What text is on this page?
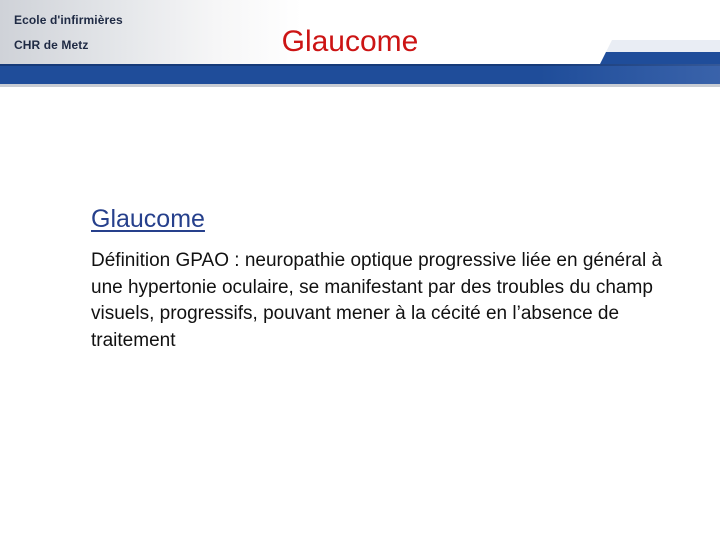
Ecole d'infirmières
CHR de Metz	Glaucome
Glaucome

Définition GPAO : neuropathie optique progressive liée en général à une hypertonie oculaire, se manifestant par des troubles du champ visuels, progressifs, pouvant mener à la cécité en l’absence de traitement
